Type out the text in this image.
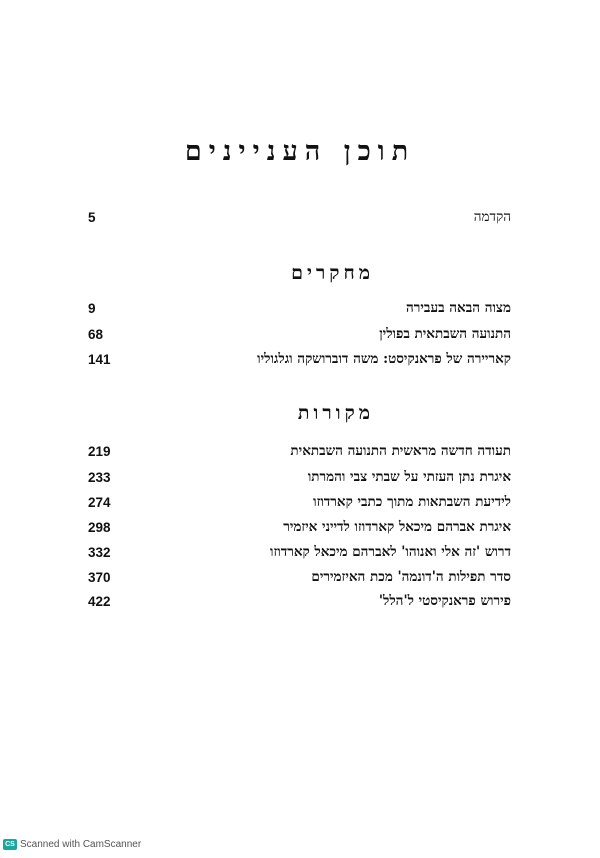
תוכן העניינים
5	הקדמה
מחקרים
9	מצוה הבאה בעבירה
68	התנועה השבתאית בפולין
141	קאריירה של פראנקיסט: משה דוברושקה וגלגוליו
מקורות
219	תעודה חדשה מראשית התנועה השבתאית
233	איגרת נתן העזתי על שבתי צבי והמרתו
274	לידיעת השבתאות מתוך כתבי קארדוזו
298	איגרת אברהם מיכאל קארדוזו לדייני איזמיר
332	דרוש 'זה אלי ואנוהו' לאברהם מיכאל קארדוזו
370	סדר תפילות ה'דונמה' מכת האיזמירים
422	פירוש פראנקיסטי ל'הלל'
CS Scanned with CamScanner
